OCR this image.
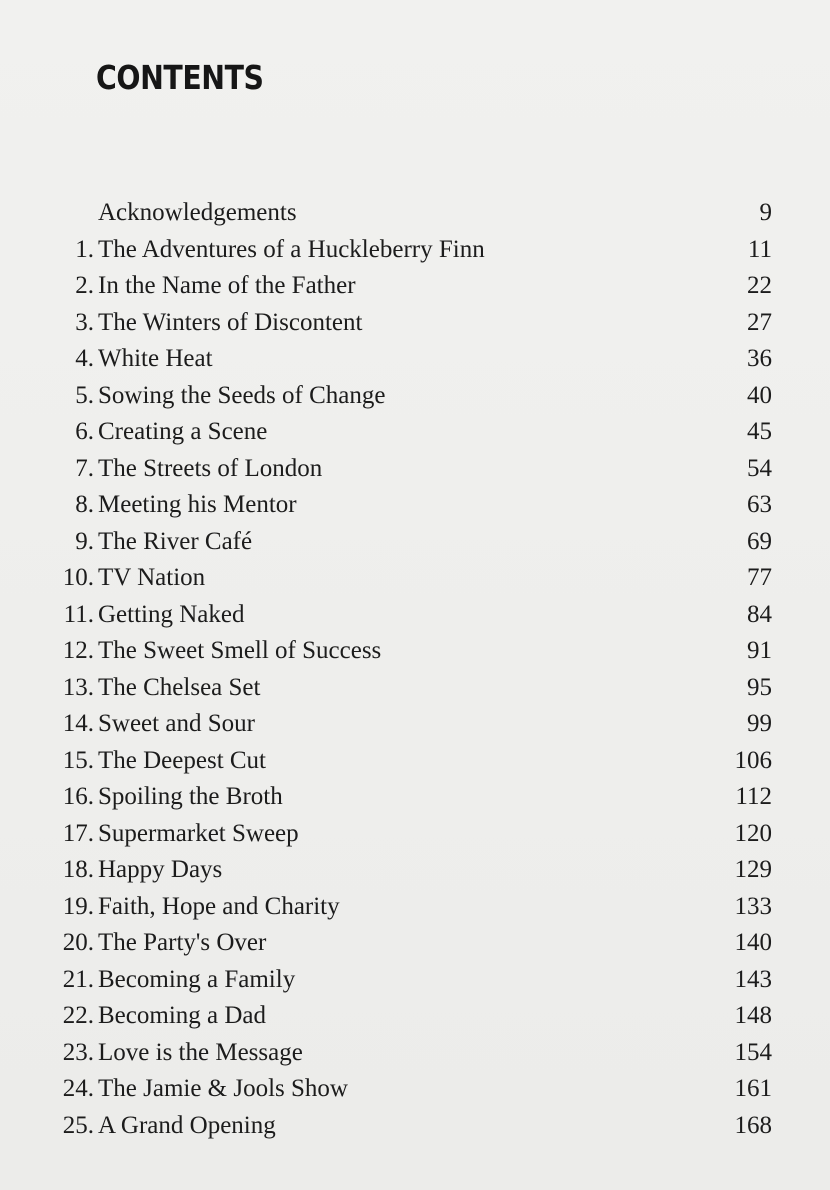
CONTENTS
Acknowledgements	9
1. The Adventures of a Huckleberry Finn	11
2. In the Name of the Father	22
3. The Winters of Discontent	27
4. White Heat	36
5. Sowing the Seeds of Change	40
6. Creating a Scene	45
7. The Streets of London	54
8. Meeting his Mentor	63
9. The River Café	69
10. TV Nation	77
11. Getting Naked	84
12. The Sweet Smell of Success	91
13. The Chelsea Set	95
14. Sweet and Sour	99
15. The Deepest Cut	106
16. Spoiling the Broth	112
17. Supermarket Sweep	120
18. Happy Days	129
19. Faith, Hope and Charity	133
20. The Party's Over	140
21. Becoming a Family	143
22. Becoming a Dad	148
23. Love is the Message	154
24. The Jamie & Jools Show	161
25. A Grand Opening	168
